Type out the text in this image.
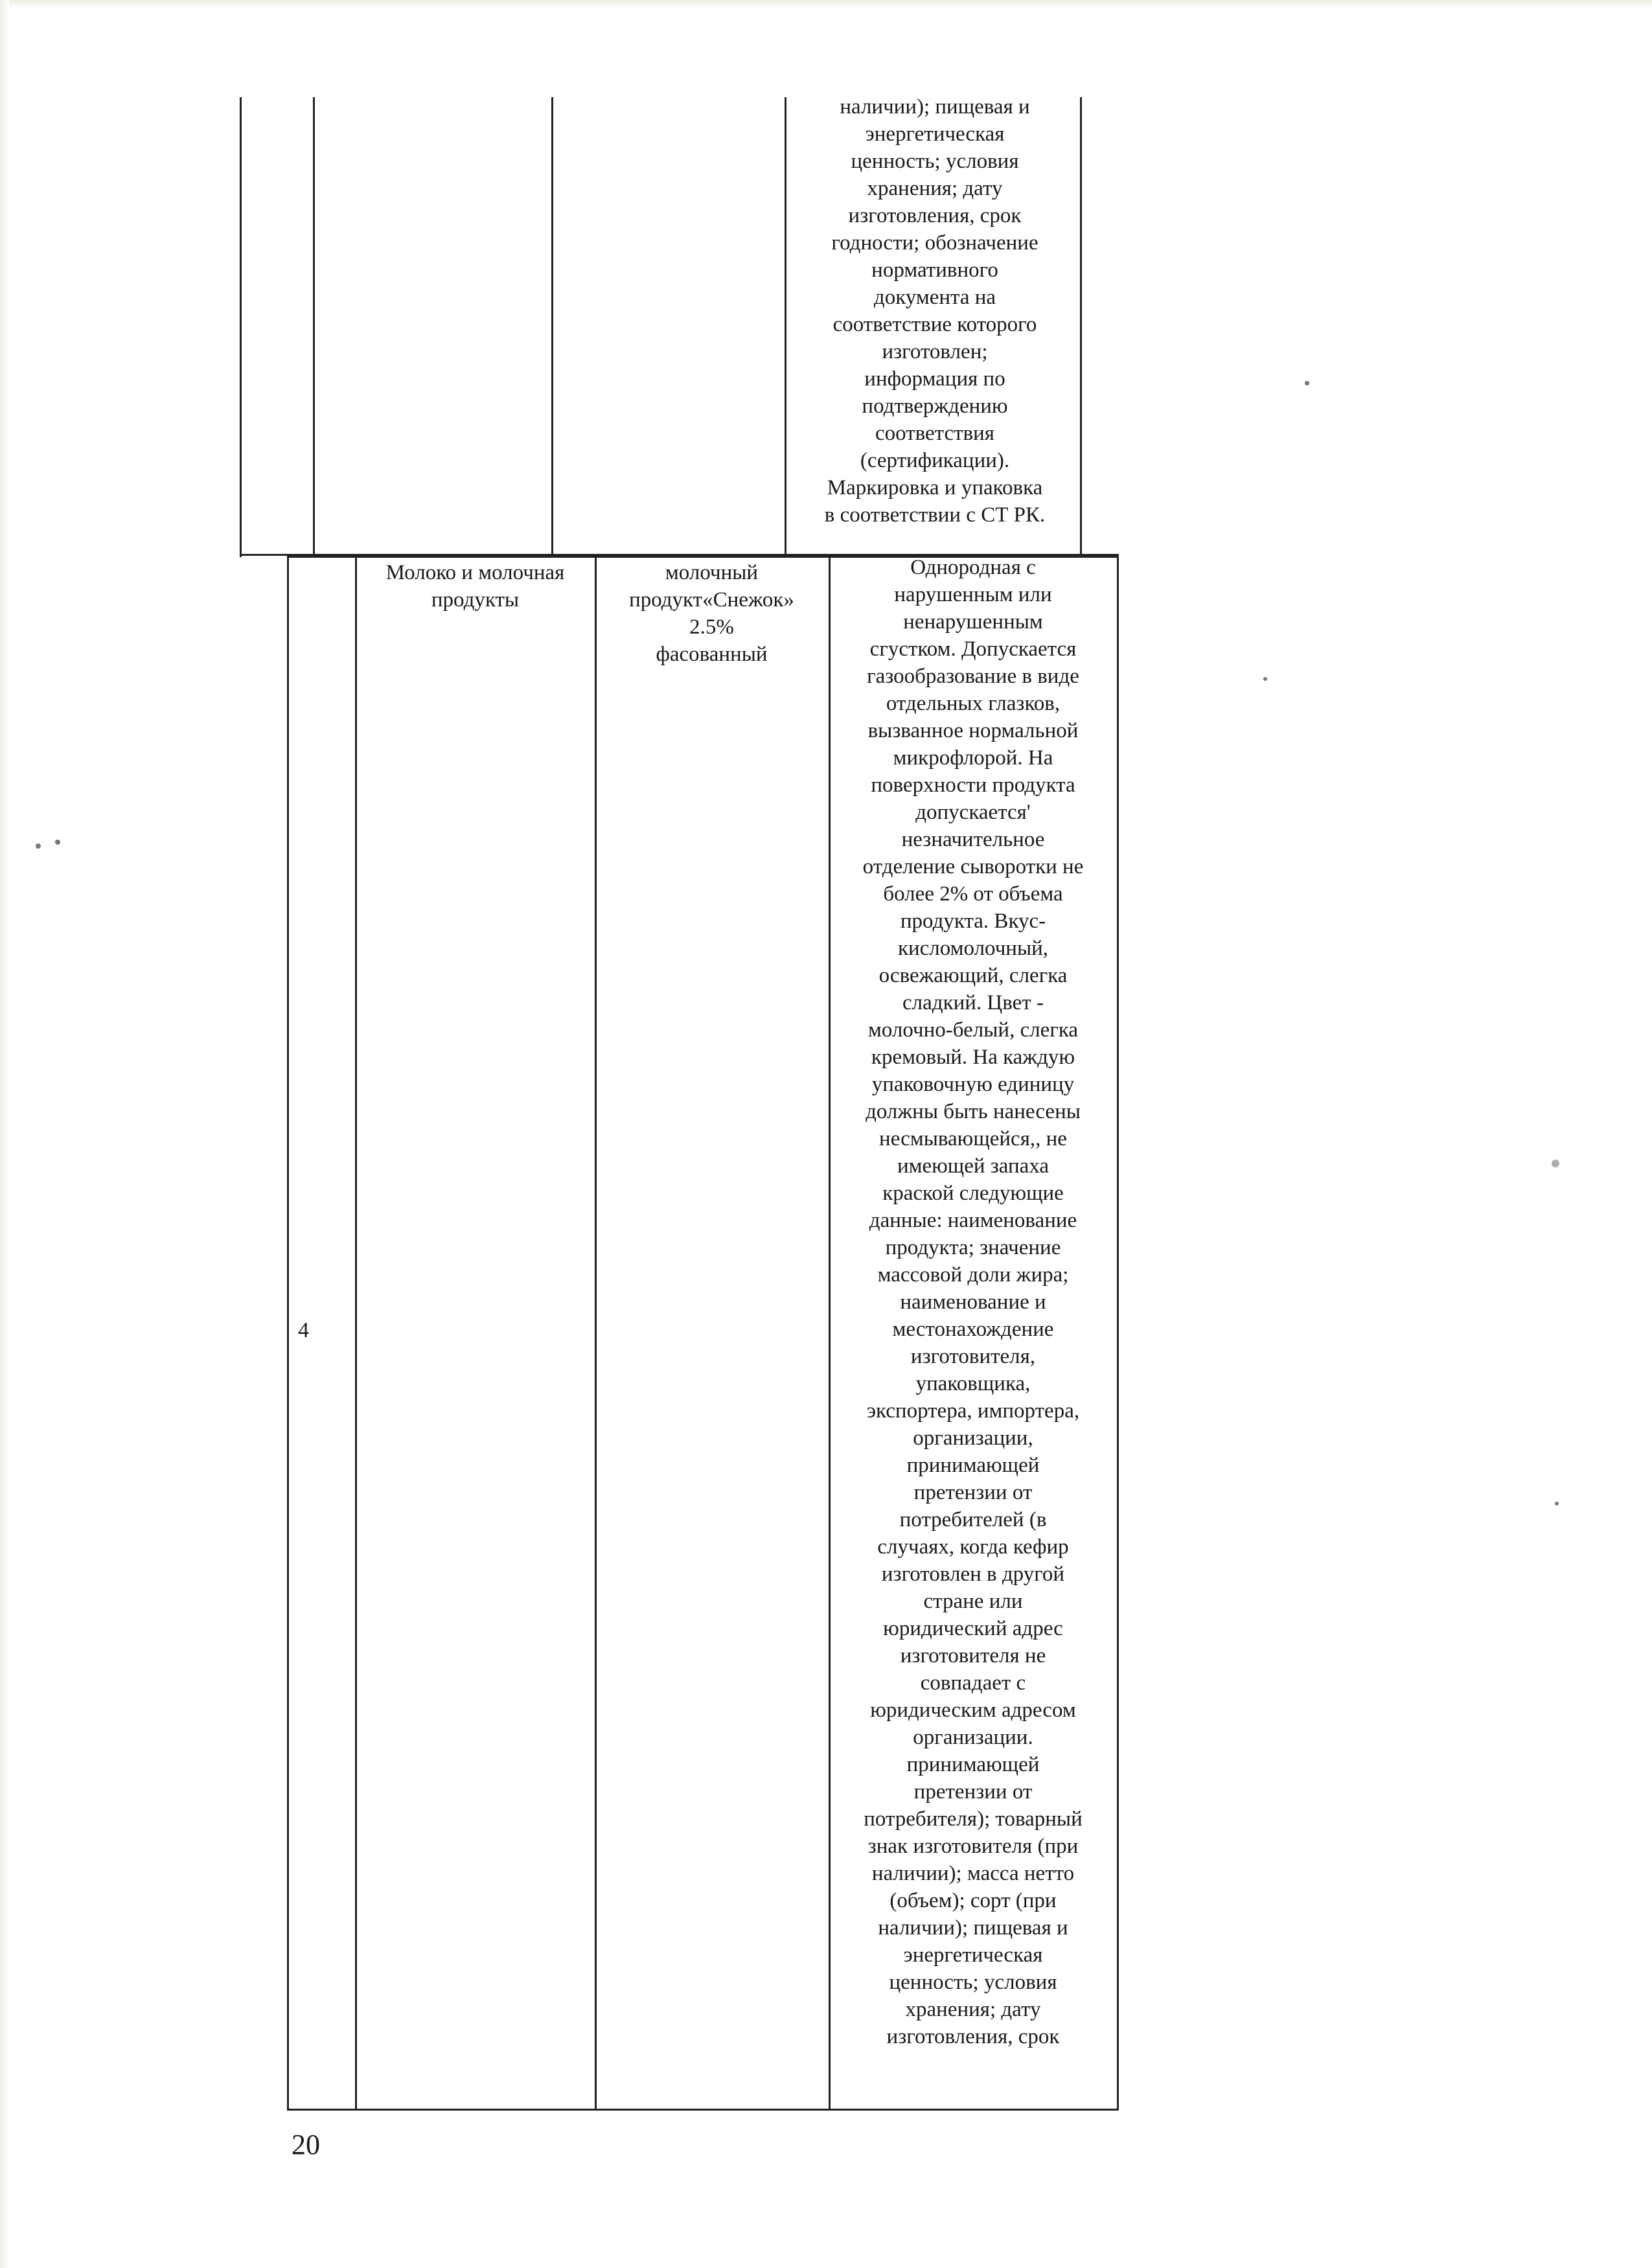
наличии); пищевая и
энергетическая
ценность; условия
хранения; дату
изготовления, срок
годности; обозначение
нормативного
документа на
соответствие которого
изготовлен;
информация по
подтверждению
соответствия
(сертификации).
Маркировка и упаковка
в соответствии с СТ РК.
Молоко и молочная
продукты
молочный
продукт«Снежок»
2.5%
фасованный
Однородная с
нарушенным или
ненарушенным
сгустком. Допускается
газообразование в виде
отдельных глазков,
вызванное нормальной
микрофлорой. На
поверхности продукта
допускается'
незначительное
отделение сыворотки не
более 2% от объема
продукта. Вкус-
кисломолочный,
освежающий, слегка
сладкий. Цвет -
молочно-белый, слегка
кремовый. На каждую
упаковочную единицу
должны быть нанесены
несмывающейся,, не
имеющей запаха
краской следующие
данные: наименование
продукта; значение
массовой доли жира;
наименование и
местонахождение
изготовителя,
упаковщика,
экспортера, импортера,
организации,
принимающей
претензии от
потребителей (в
случаях, когда кефир
изготовлен в другой
стране или
юридический адрес
изготовителя не
совпадает с
юридическим адресом
организации.
принимающей
претензии от
потребителя); товарный
знак изготовителя (при
наличии); масса нетто
(объем); сорт (при
наличии); пищевая и
энергетическая
ценность; условия
хранения; дату
изготовления, срок
4
20
